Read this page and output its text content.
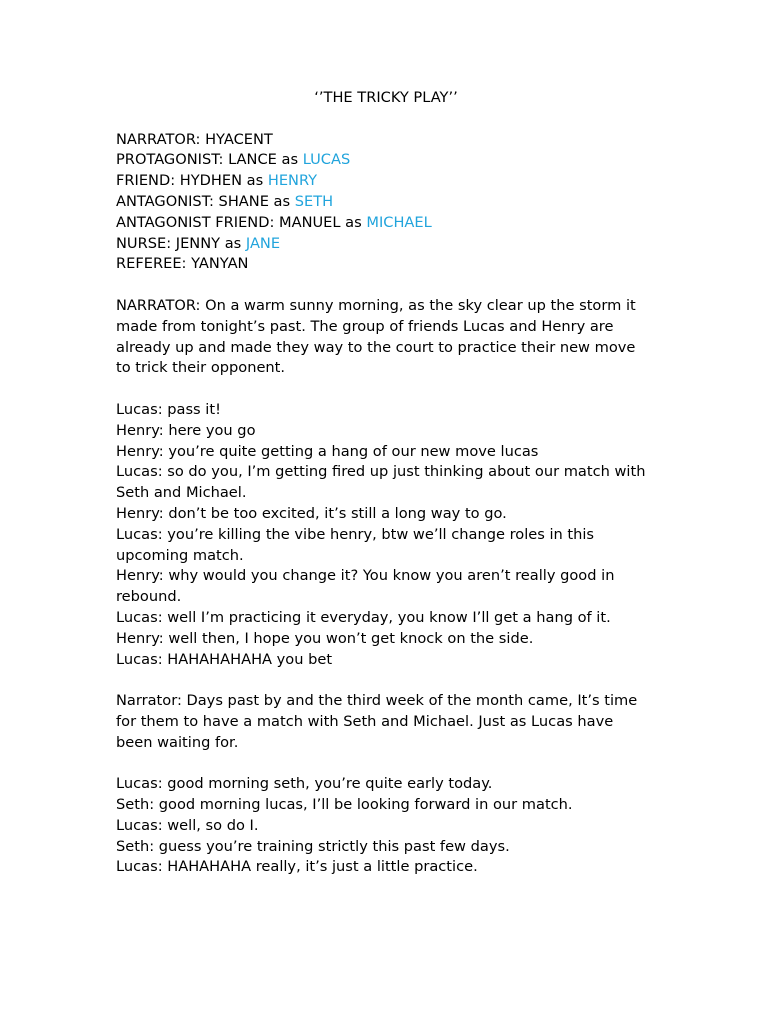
‘’THE TRICKY PLAY’’
NARRATOR: HYACENT
PROTAGONIST: LANCE as LUCAS
FRIEND: HYDHEN as HENRY
ANTAGONIST: SHANE as SETH
ANTAGONIST FRIEND: MANUEL as MICHAEL
NURSE: JENNY as JANE
REFEREE: YANYAN
NARRATOR: On a warm sunny morning, as the sky clear up the storm it
made from tonight’s past. The group of friends Lucas and Henry are
already up and made they way to the court to practice their new move
to trick their opponent.
Lucas: pass it!
Henry: here you go
Henry: you’re quite getting a hang of our new move lucas
Lucas: so do you, I’m getting fired up just thinking about our match with
Seth and Michael.
Henry: don’t be too excited, it’s still a long way to go.
Lucas: you’re killing the vibe henry, btw we’ll change roles in this
upcoming match.
Henry: why would you change it? You know you aren’t really good in
rebound.
Lucas: well I’m practicing it everyday, you know I’ll get a hang of it.
Henry: well then, I hope you won’t get knock on the side.
Lucas: HAHAHAHAHA you bet
Narrator: Days past by and the third week of the month came, It’s time
for them to have a match with Seth and Michael. Just as Lucas have
been waiting for.
Lucas: good morning seth, you’re quite early today.
Seth: good morning lucas, I’ll be looking forward in our match.
Lucas: well, so do I.
Seth: guess you’re training strictly this past few days.
Lucas: HAHAHAHA really, it’s just a little practice.
